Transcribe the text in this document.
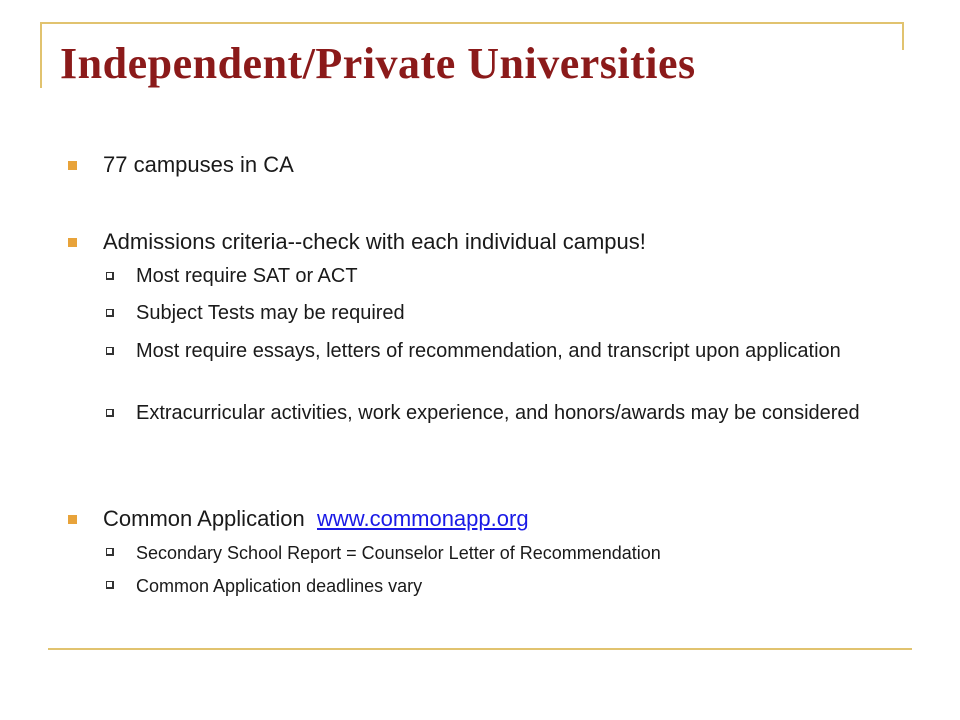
Independent/Private Universities
77 campuses in CA
Admissions criteria--check with each individual campus!
Most require SAT or ACT
Subject Tests may be required
Most require essays, letters of recommendation, and transcript upon application
Extracurricular activities, work experience, and honors/awards may be considered
Common Application www.commonapp.org
Secondary School Report = Counselor Letter of Recommendation
Common Application deadlines vary
